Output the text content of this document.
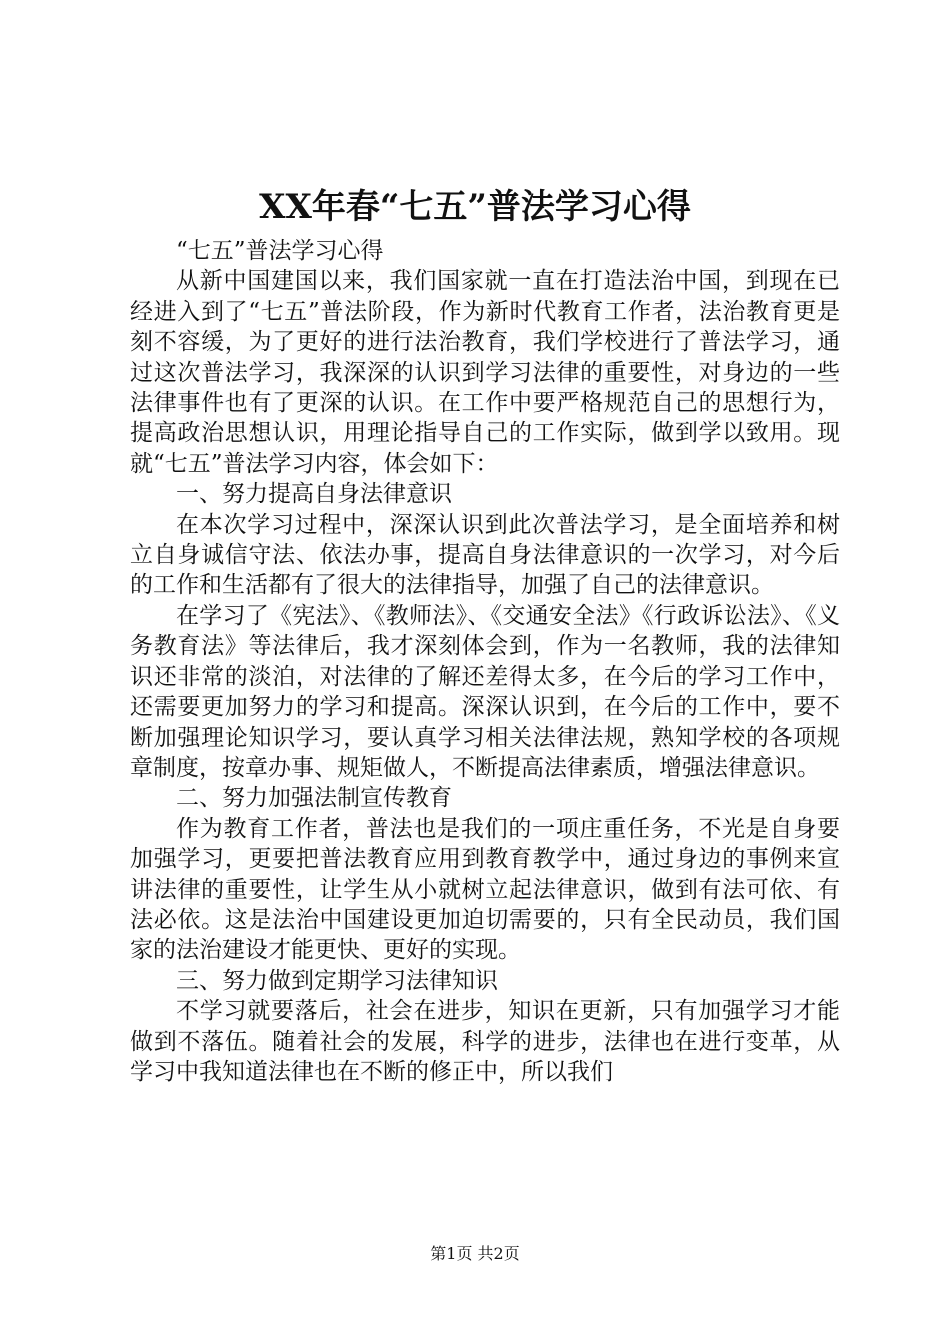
XX年春“七五”普法学习心得

“七五”普法学习心得

从新中国建国以来，我们国家就一直在打造法治中国，到现在已经进入到了“七五”普法阶段，作为新时代教育工作者，法治教育更是刻不容缓，为了更好的进行法治教育，我们学校进行了普法学习，通过这次普法学习，我深深的认识到学习法律的重要性，对身边的一些法律事件也有了更深的认识。在工作中要严格规范自己的思想行为，提高政治思想认识，用理论指导自己的工作实际，做到学以致用。现就“七五”普法学习内容，体会如下：

一、努力提高自身法律意识

在本次学习过程中，深深认识到此次普法学习，是全面培养和树立自身诚信守法、依法办事，提高自身法律意识的一次学习，对今后的工作和生活都有了很大的法律指导，加强了自己的法律意识。

在学习了《宪法》、《教师法》、《交通安全法》《行政诉讼法》、《义务教育法》等法律后，我才深刻体会到，作为一名教师，我的法律知识还非常的淡泊，对法律的了解还差得太多，在今后的学习工作中，还需要更加努力的学习和提高。深深认识到，在今后的工作中，要不断加强理论知识学习，要认真学习相关法律法规，熟知学校的各项规章制度，按章办事、规矩做人，不断提高法律素质，增强法律意识。

二、努力加强法制宣传教育

作为教育工作者，普法也是我们的一项庄重任务，不光是自身要加强学习，更要把普法教育应用到教育教学中，通过身边的事例来宣讲法律的重要性，让学生从小就树立起法律意识，做到有法可依、有法必依。这是法治中国建设更加迫切需要的，只有全民动员，我们国家的法治建设才能更快、更好的实现。

三、努力做到定期学习法律知识

不学习就要落后，社会在进步，知识在更新，只有加强学习才能做到不落伍。随着社会的发展，科学的进步，法律也在进行变革，从学习中我知道法律也在不断的修正中，所以我们

第1页 共2页
